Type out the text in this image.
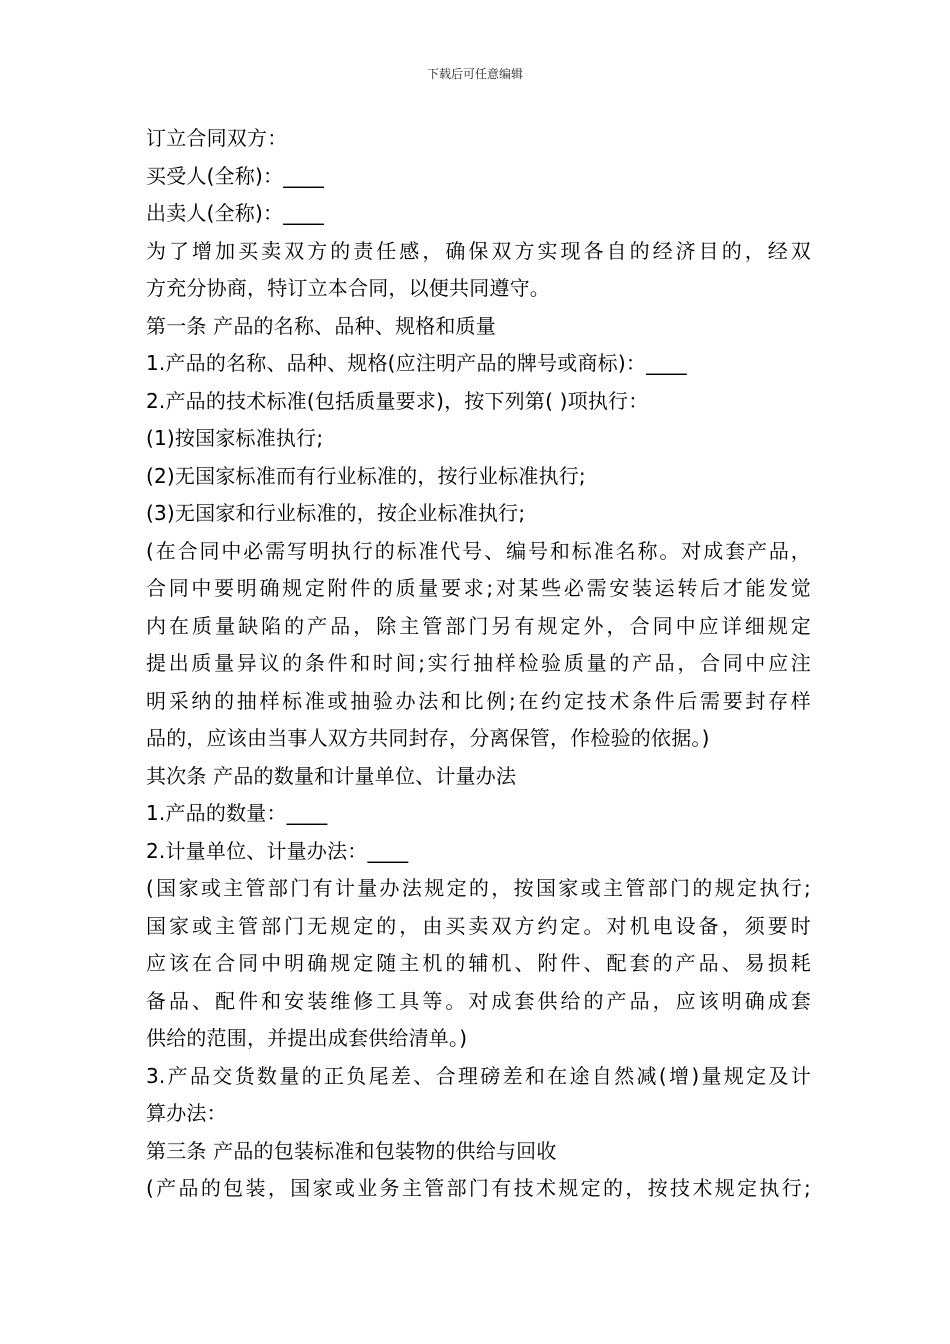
下载后可任意编辑
订立合同双方：
买受人(全称)：____
出卖人(全称)：____
为了增加买卖双方的责任感，确保双方实现各自的经济目的，经双
方充分协商，特订立本合同，以便共同遵守。
第一条 产品的名称、品种、规格和质量
1.产品的名称、品种、规格(应注明产品的牌号或商标)：____
2.产品的技术标准(包括质量要求)，按下列第( )项执行：
(1)按国家标准执行;
(2)无国家标准而有行业标准的，按行业标准执行;
(3)无国家和行业标准的，按企业标准执行;
(在合同中必需写明执行的标准代号、编号和标准名称。对成套产品，
合同中要明确规定附件的质量要求;对某些必需安装运转后才能发觉
内在质量缺陷的产品，除主管部门另有规定外，合同中应详细规定
提出质量异议的条件和时间;实行抽样检验质量的产品，合同中应注
明采纳的抽样标准或抽验办法和比例;在约定技术条件后需要封存样
品的，应该由当事人双方共同封存，分离保管，作检验的依据。)
其次条 产品的数量和计量单位、计量办法
1.产品的数量：____
2.计量单位、计量办法：____
(国家或主管部门有计量办法规定的，按国家或主管部门的规定执行;
国家或主管部门无规定的，由买卖双方约定。对机电设备，须要时
应该在合同中明确规定随主机的辅机、附件、配套的产品、易损耗
备品、配件和安装维修工具等。对成套供给的产品，应该明确成套
供给的范围，并提出成套供给清单。)
3.产品交货数量的正负尾差、合理磅差和在途自然减(增)量规定及计
算办法：
第三条 产品的包装标准和包装物的供给与回收
(产品的包装，国家或业务主管部门有技术规定的，按技术规定执行;
